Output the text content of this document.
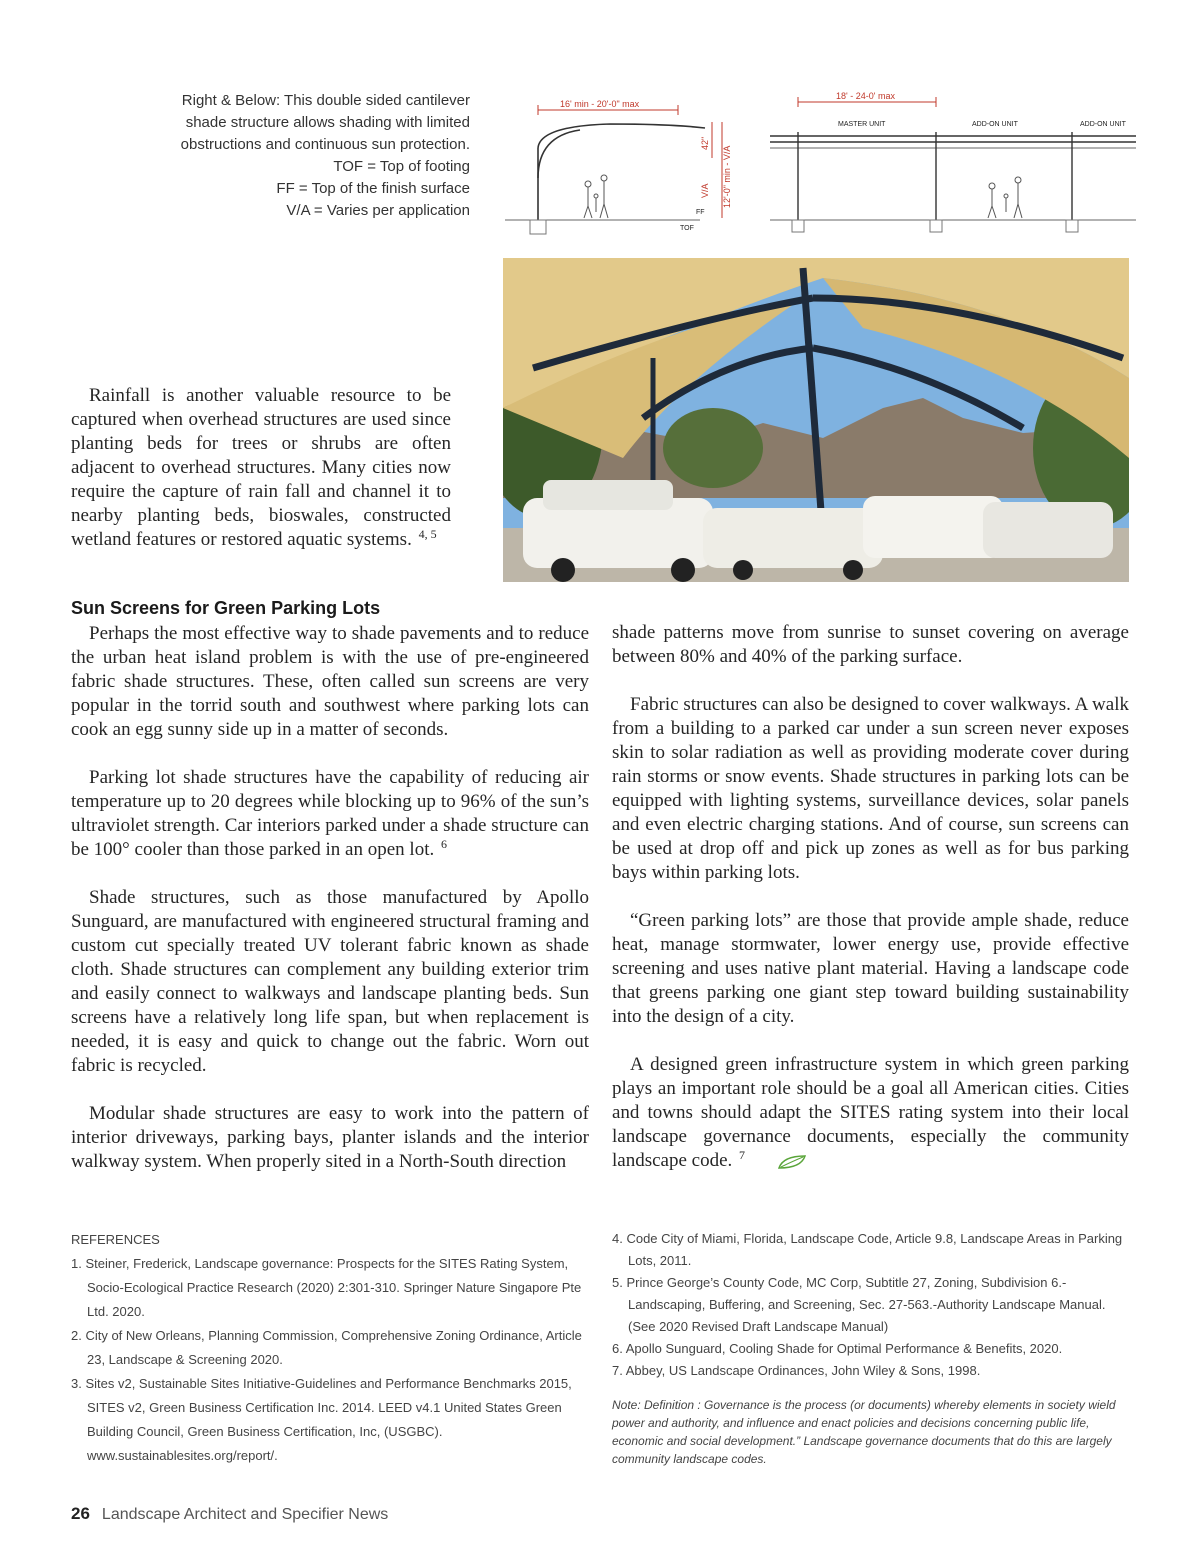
Right & Below: This double sided cantilever
shade structure allows shading with limited
obstructions and continuous sun protection.
TOF = Top of footing
FF = Top of the finish surface
V/A = Varies per application
16' min - 20'-0" max
18' - 24-0' max
42"
12'-0" min - V/A
V/A
FF
TOF
MASTER UNIT	ADD-ON UNIT	ADD-ON UNIT

Rainfall is another valuable resource to be captured when overhead structures are used since planting beds for trees or shrubs are often adjacent to overhead structures. Many cities now require the capture of rain fall and channel it to nearby planting beds, bioswales, constructed wetland features or restored aquatic systems. $^{4, 5}$

Sun Screens for Green Parking Lots

Perhaps the most effective way to shade pavements and to reduce the urban heat island problem is with the use of pre-engineered fabric shade structures. These, often called sun screens are very popular in the torrid south and southwest where parking lots can cook an egg sunny side up in a matter of seconds.

Parking lot shade structures have the capability of reducing air temperature up to 20 degrees while blocking up to 96% of the sun’s ultraviolet strength. Car interiors parked under a shade structure can be 100° cooler than those parked in an open lot. $^6$

Shade structures, such as those manufactured by Apollo Sunguard, are manufactured with engineered structural framing and custom cut specially treated UV tolerant fabric known as shade cloth. Shade structures can complement any building exterior trim and easily connect to walkways and landscape planting beds. Sun screens have a relatively long life span, but when replacement is needed, it is easy and quick to change out the fabric. Worn out fabric is recycled.

Modular shade structures are easy to work into the pattern of interior driveways, parking bays, planter islands and the interior walkway system. When properly sited in a North-South direction

shade patterns move from sunrise to sunset covering on average between 80% and 40% of the parking surface.

Fabric structures can also be designed to cover walkways. A walk from a building to a parked car under a sun screen never exposes skin to solar radiation as well as providing moderate cover during rain storms or snow events. Shade structures in parking lots can be equipped with lighting systems, surveillance devices, solar panels and even electric charging stations. And of course, sun screens can be used at drop off and pick up zones as well as for bus parking bays within parking lots.

“Green parking lots” are those that provide ample shade, reduce heat, manage stormwater, lower energy use, provide effective screening and uses native plant material. Having a landscape code that greens parking one giant step toward building sustainability into the design of a city.

A designed green infrastructure system in which green parking plays an important role should be a goal all American cities. Cities and towns should adapt the SITES rating system into their local landscape governance documents, especially the community landscape code. $^7$

REFERENCES
1. Steiner, Frederick, Landscape governance: Prospects for the SITES Rating System, Socio-Ecological Practice Research (2020) 2:301-310. Springer Nature Singapore Pte Ltd. 2020.
2. City of New Orleans, Planning Commission, Comprehensive Zoning Ordinance, Article 23, Landscape & Screening 2020.
3. Sites v2, Sustainable Sites Initiative-Guidelines and Performance Benchmarks 2015, SITES v2, Green Business Certification Inc. 2014. LEED v4.1 United States Green Building Council, Green Business Certification, Inc, (USGBC). www.sustainablesites.org/report/.
4. Code City of Miami, Florida, Landscape Code, Article 9.8, Landscape Areas in Parking Lots, 2011.
5. Prince George’s County Code, MC Corp, Subtitle 27, Zoning, Subdivision 6.-Landscaping, Buffering, and Screening, Sec. 27-563.-Authority Landscape Manual. (See 2020 Revised Draft Landscape Manual)
6. Apollo Sunguard, Cooling Shade for Optimal Performance & Benefits, 2020.
7. Abbey, US Landscape Ordinances, John Wiley & Sons, 1998.
Note: Definition : Governance is the process (or documents) whereby elements in society wield power and authority, and influence and enact policies and decisions concerning public life, economic and social development.” Landscape governance documents that do this are largely community landscape codes.
26 Landscape Architect and Specifier News
